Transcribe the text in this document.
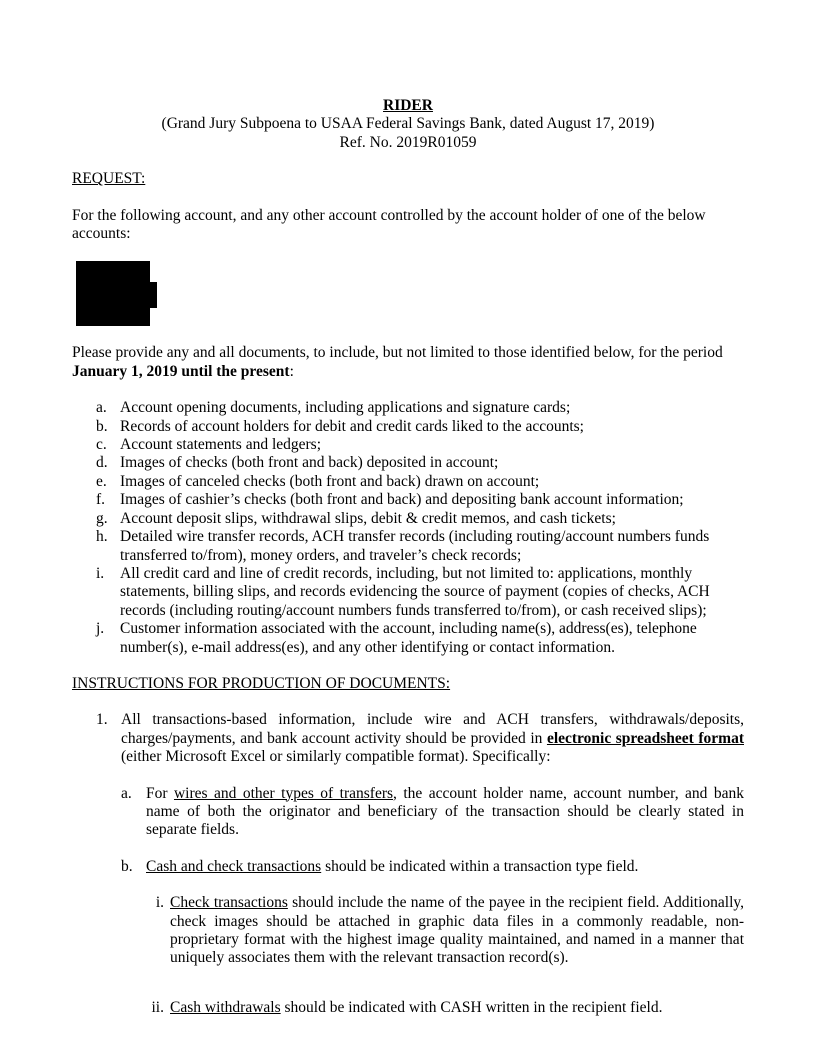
RIDER
(Grand Jury Subpoena to USAA Federal Savings Bank, dated August 17, 2019)
Ref. No. 2019R01059
REQUEST:

For the following account, and any other account controlled by the account holder of one of the below accounts:

Please provide any and all documents, to include, but not limited to those identified below, for the period January 1, 2019 until the present:

a. Account opening documents, including applications and signature cards;
b. Records of account holders for debit and credit cards liked to the accounts;
c. Account statements and ledgers;
d. Images of checks (both front and back) deposited in account;
e. Images of canceled checks (both front and back) drawn on account;
f. Images of cashier’s checks (both front and back) and depositing bank account information;
g. Account deposit slips, withdrawal slips, debit & credit memos, and cash tickets;
h. Detailed wire transfer records, ACH transfer records (including routing/account numbers funds transferred to/from), money orders, and traveler’s check records;
i.	All credit card and line of credit records, including, but not limited to: applications, monthly statements, billing slips, and records evidencing the source of payment (copies of checks, ACH records (including routing/account numbers funds transferred to/from), or cash received slips);
j.	Customer information associated with the account, including name(s), address(es), telephone number(s), e-mail address(es), and any other identifying or contact information.
INSTRUCTIONS FOR PRODUCTION OF DOCUMENTS:
1. All transactions-based information, include wire and ACH transfers, withdrawals/deposits, charges/payments, and bank account activity should be provided in electronic spreadsheet format (either Microsoft Excel or similarly compatible format). Specifically:
a. For wires and other types of transfers, the account holder name, account number, and bank name of both the originator and beneficiary of the transaction should be clearly stated in separate fields.
b. Cash and check transactions should be indicated within a transaction type field.
i. Check transactions should include the name of the payee in the recipient field. Additionally, check images should be attached in graphic data files in a commonly readable, non-proprietary format with the highest image quality maintained, and named in a manner that uniquely associates them with the relevant transaction record(s).
ii. Cash withdrawals should be indicated with CASH written in the recipient field.
